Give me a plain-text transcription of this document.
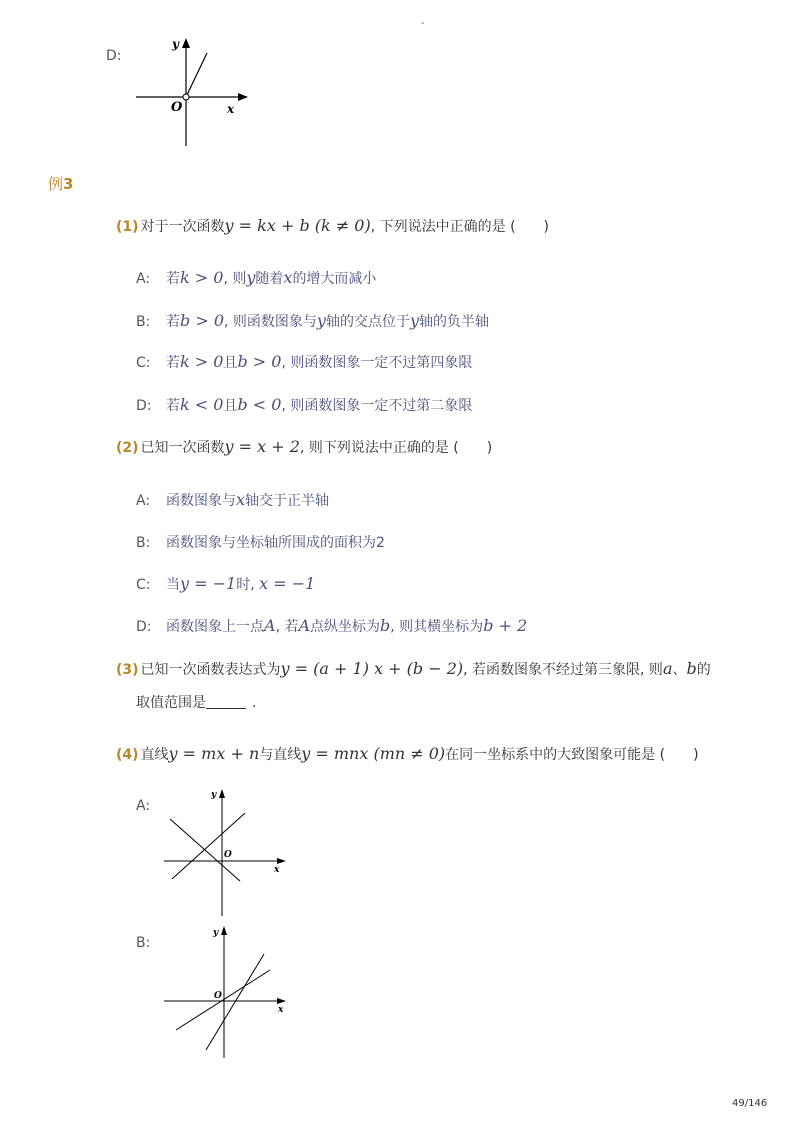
-
D:
y
x
O
例3
(1) 对于一次函数y = kx + b (k ≠ 0), 下列说法中正确的是 (　　)
A: 若k > 0, 则y随着x的增大而减小
B: 若b > 0, 则函数图象与y轴的交点位于y轴的负半轴
C: 若k > 0且b > 0, 则函数图象一定不过第四象限
D: 若k < 0且b < 0, 则函数图象一定不过第二象限
(2) 已知一次函数y = x + 2, 则下列说法中正确的是 (　　)
A: 函数图象与x轴交于正半轴
B: 函数图象与坐标轴所围成的面积为2
C: 当y = −1时, x = −1
D: 函数图象上一点A, 若A点纵坐标为b, 则其横坐标为b + 2
(3) 已知一次函数表达式为y = (a + 1) x + (b − 2), 若函数图象不经过第三象限, 则a、b的
取值范围是	.
(4) 直线y = mx + n与直线y = mnx (mn ≠ 0)在同一坐标系中的大致图象可能是 (　　)
A:
y
x
O
B:
y
x
O
49/146
